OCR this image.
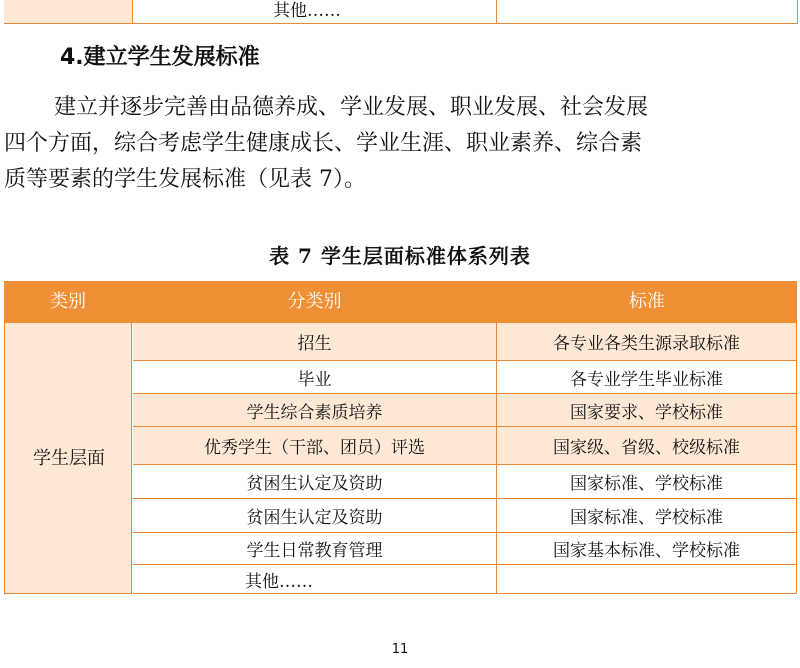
其他……
4.建立学生发展标准
建立并逐步完善由品德养成、学业发展、职业发展、社会发展
四个方面，综合考虑学生健康成长、学业生涯、职业素养、综合素
质等要素的学生发展标准（见表 7）。
表 7 学生层面标准体系列表
类别	分类别	标准
学生层面
招生	各专业各类生源录取标准
毕业	各专业学生毕业标准
学生综合素质培养	国家要求、学校标准
优秀学生（干部、团员）评选	国家级、省级、校级标准
贫困生认定及资助	国家标准、学校标准
贫困生认定及资助	国家标准、学校标准
学生日常教育管理	国家基本标准、学校标准
其他……
11
